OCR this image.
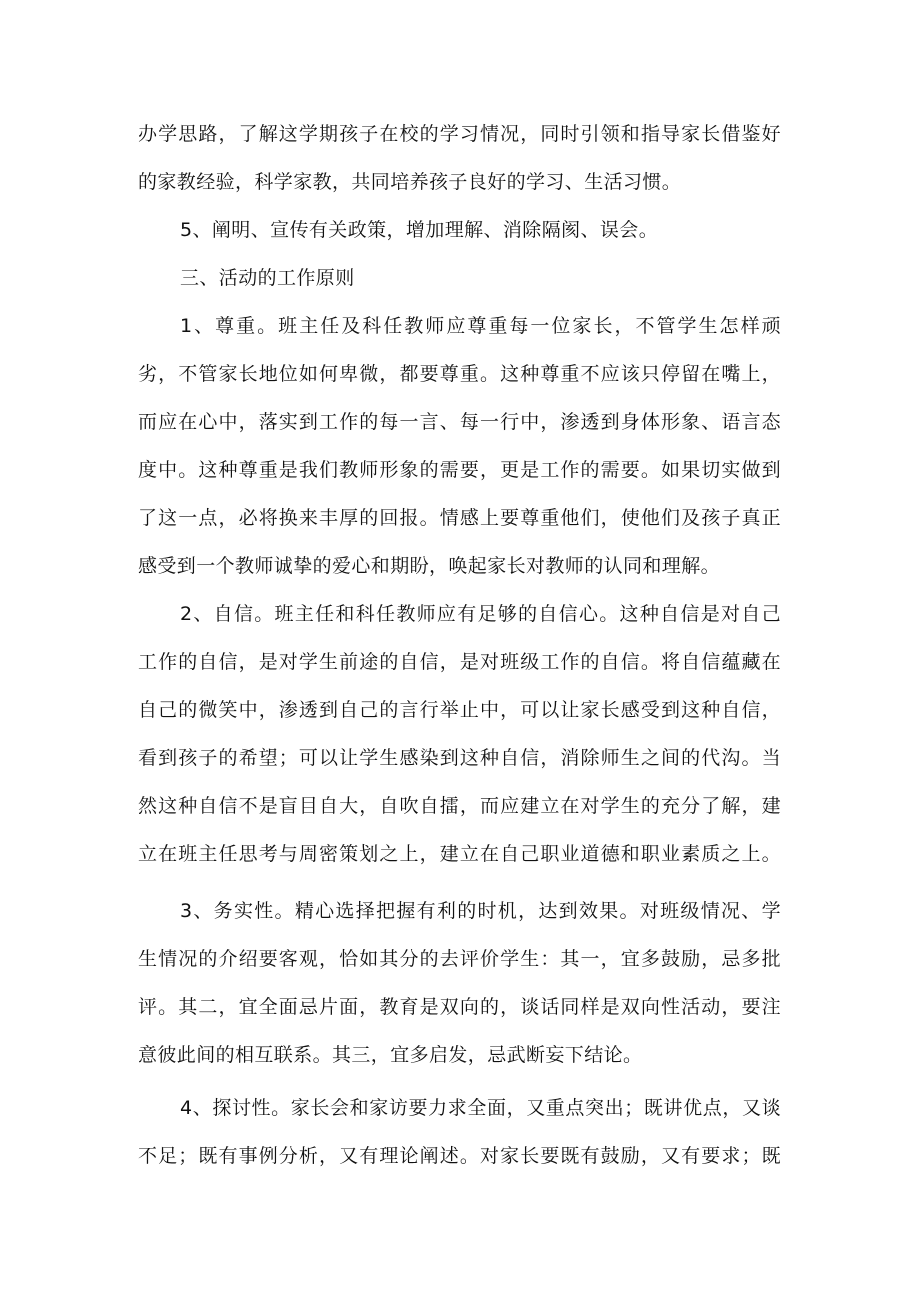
办学思路，了解这学期孩子在校的学习情况，同时引领和指导家长借鉴好
的家教经验，科学家教，共同培养孩子良好的学习、生活习惯。
5、阐明、宣传有关政策，增加理解、消除隔阂、误会。
三、活动的工作原则
1、尊重。班主任及科任教师应尊重每一位家长，不管学生怎样顽
劣，不管家长地位如何卑微，都要尊重。这种尊重不应该只停留在嘴上，
而应在心中，落实到工作的每一言、每一行中，渗透到身体形象、语言态
度中。这种尊重是我们教师形象的需要，更是工作的需要。如果切实做到
了这一点，必将换来丰厚的回报。情感上要尊重他们，使他们及孩子真正
感受到一个教师诚挚的爱心和期盼，唤起家长对教师的认同和理解。
2、自信。班主任和科任教师应有足够的自信心。这种自信是对自己
工作的自信，是对学生前途的自信，是对班级工作的自信。将自信蕴藏在
自己的微笑中，渗透到自己的言行举止中，可以让家长感受到这种自信，
看到孩子的希望；可以让学生感染到这种自信，消除师生之间的代沟。当
然这种自信不是盲目自大，自吹自擂，而应建立在对学生的充分了解，建
立在班主任思考与周密策划之上，建立在自己职业道德和职业素质之上。
3、务实性。精心选择把握有利的时机，达到效果。对班级情况、学
生情况的介绍要客观，恰如其分的去评价学生：其一，宜多鼓励，忌多批
评。其二，宜全面忌片面，教育是双向的，谈话同样是双向性活动，要注
意彼此间的相互联系。其三，宜多启发，忌武断妄下结论。
4、探讨性。家长会和家访要力求全面，又重点突出；既讲优点，又谈
不足；既有事例分析，又有理论阐述。对家长要既有鼓励，又有要求；既
